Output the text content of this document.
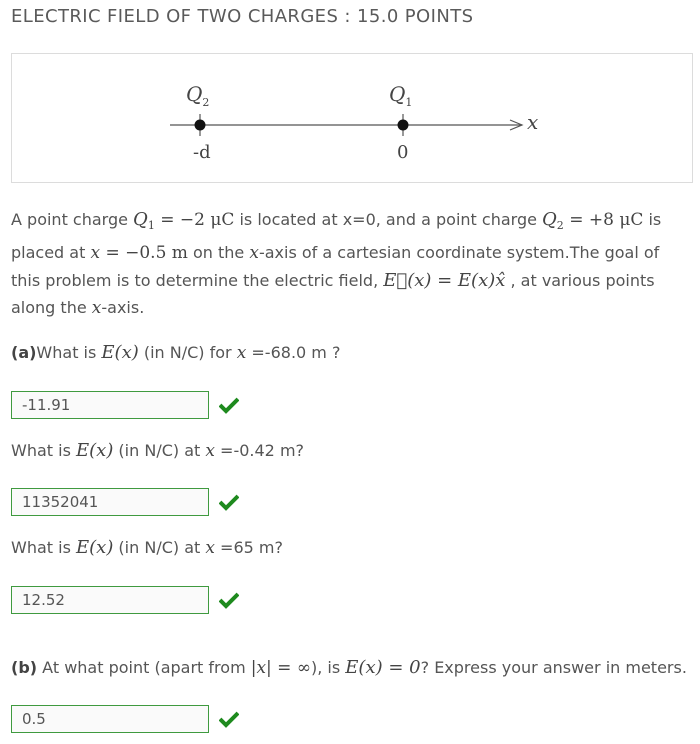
ELECTRIC FIELD OF TWO CHARGES : 15.0 POINTS
$Q_2$	$Q_1$
x
-d	0
A point charge $Q_1 = -2$ μC is located at x=0, and a point charge $Q_2 = +8$ μC is placed at x = −0.5 m on the x-axis of a cartesian coordinate system.The goal of this problem is to determine the electric field, E⃗(x) = E(x)x̂ , at various points along the x-axis.
(a)What is E(x) (in N/C) for x =-68.0 m ?
-11.91
What is E(x) (in N/C) at x =-0.42 m?
11352041
What is E(x) (in N/C) at x =65 m?
12.52
(b) At what point (apart from |x| = ∞), is E(x) = 0? Express your answer in meters.
0.5
